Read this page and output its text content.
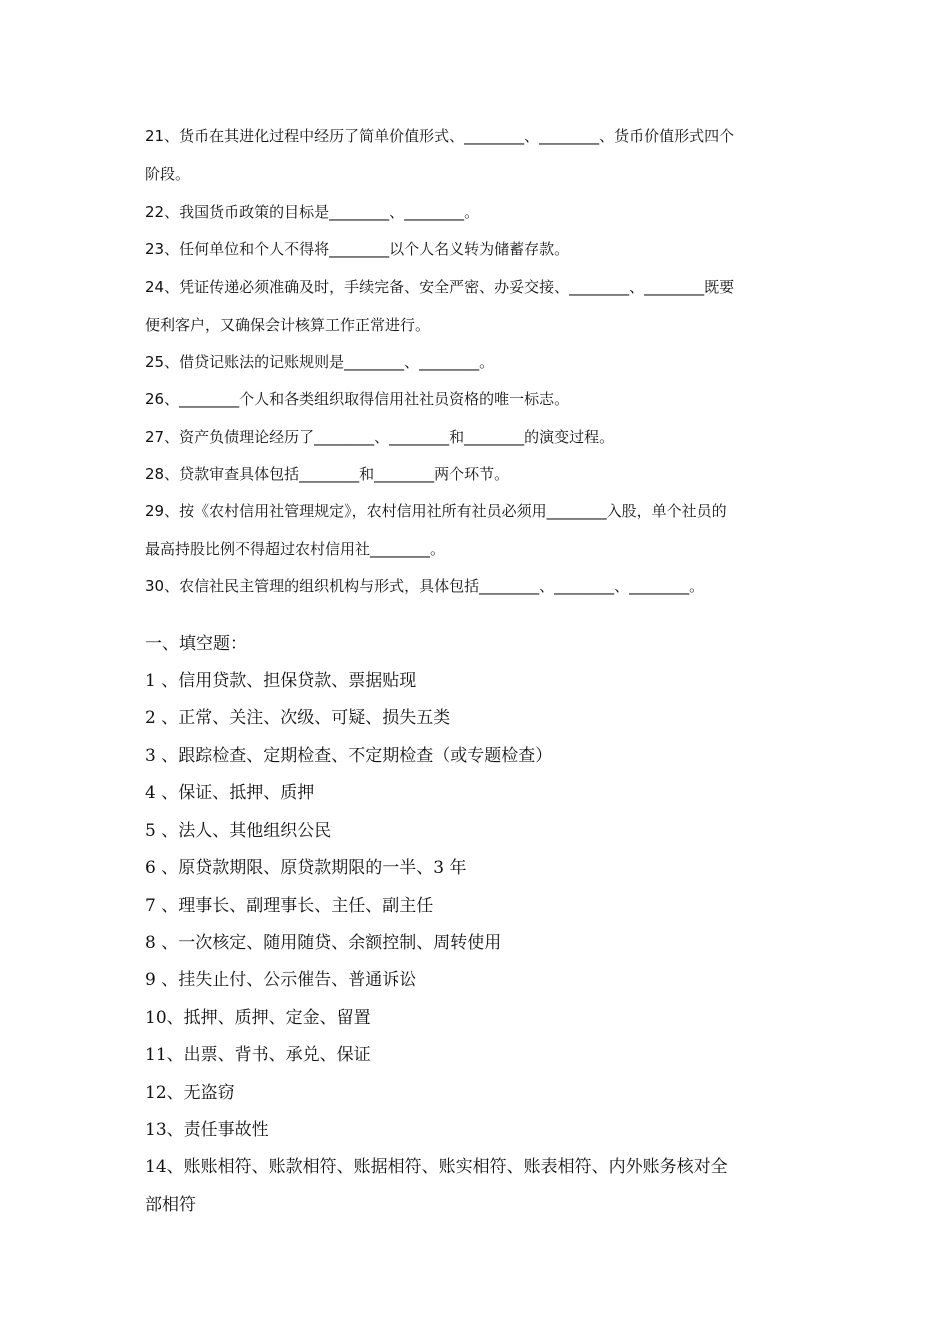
21、货币在其进化过程中经历了简单价值形式、________、________、货币价值形式四个
阶段。
22、我国货币政策的目标是________、________。
23、任何单位和个人不得将________以个人名义转为储蓄存款。
24、凭证传递必须准确及时，手续完备、安全严密、办妥交接、________、________既要
便利客户，又确保会计核算工作正常进行。
25、借贷记账法的记账规则是________、________。
26、________个人和各类组织取得信用社社员资格的唯一标志。
27、资产负债理论经历了________、________和________的演变过程。
28、贷款审查具体包括________和________两个环节。
29、按《农村信用社管理规定》，农村信用社所有社员必须用________入股，单个社员的
最高持股比例不得超过农村信用社________。
30、农信社民主管理的组织机构与形式，具体包括________、________、________。
一、填空题：
1 、信用贷款、担保贷款、票据贴现
2 、正常、关注、次级、可疑、损失五类
3 、跟踪检查、定期检查、不定期检查（或专题检查）
4 、保证、抵押、质押
5 、法人、其他组织公民
6 、原贷款期限、原贷款期限的一半、3 年
7 、理事长、副理事长、主任、副主任
8 、一次核定、随用随贷、余额控制、周转使用
9 、挂失止付、公示催告、普通诉讼
10、抵押、质押、定金、留置
11、出票、背书、承兑、保证
12、无盗窃
13、责任事故性
14、账账相符、账款相符、账据相符、账实相符、账表相符、内外账务核对全
部相符
